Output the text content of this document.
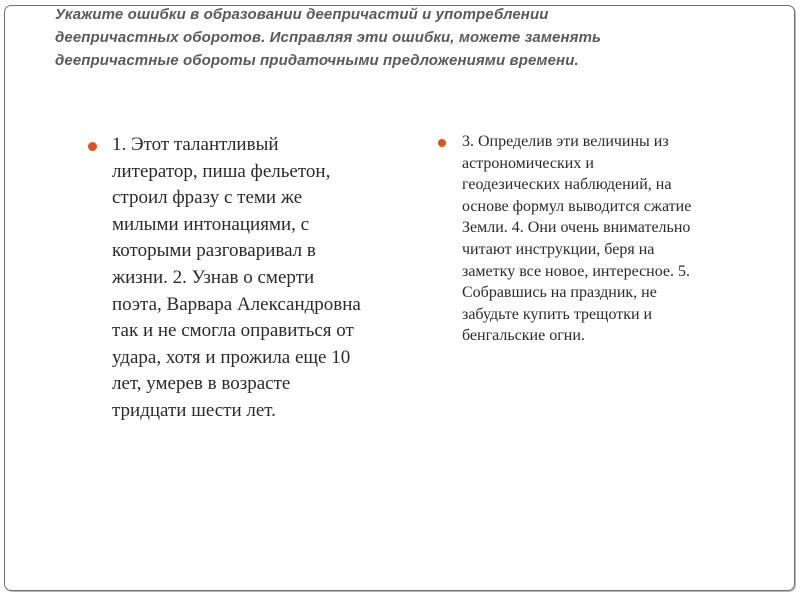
Укажите ошибки в образовании деепричастий и употреблении
деепричастных оборотов. Исправляя эти ошибки, можете заменять
деепричастные обороты придаточными предложениями времени.
1. Этот талантливый
литератор, пиша фельетон,
строил фразу с теми же
милыми интонациями, с
которыми разговаривал в
жизни. 2. Узнав о смерти
поэта, Варвара Александровна
так и не смогла оправиться от
удара, хотя и прожила еще 10
лет, умерев в возрасте
тридцати шести лет.
3. Определив эти величины из
астрономических и
геодезических наблюдений, на
основе формул выводится сжатие
Земли. 4. Они очень внимательно
читают инструкции, беря на
заметку все новое, интересное. 5.
Собравшись на праздник, не
забудьте купить трещотки и
бенгальские огни.
